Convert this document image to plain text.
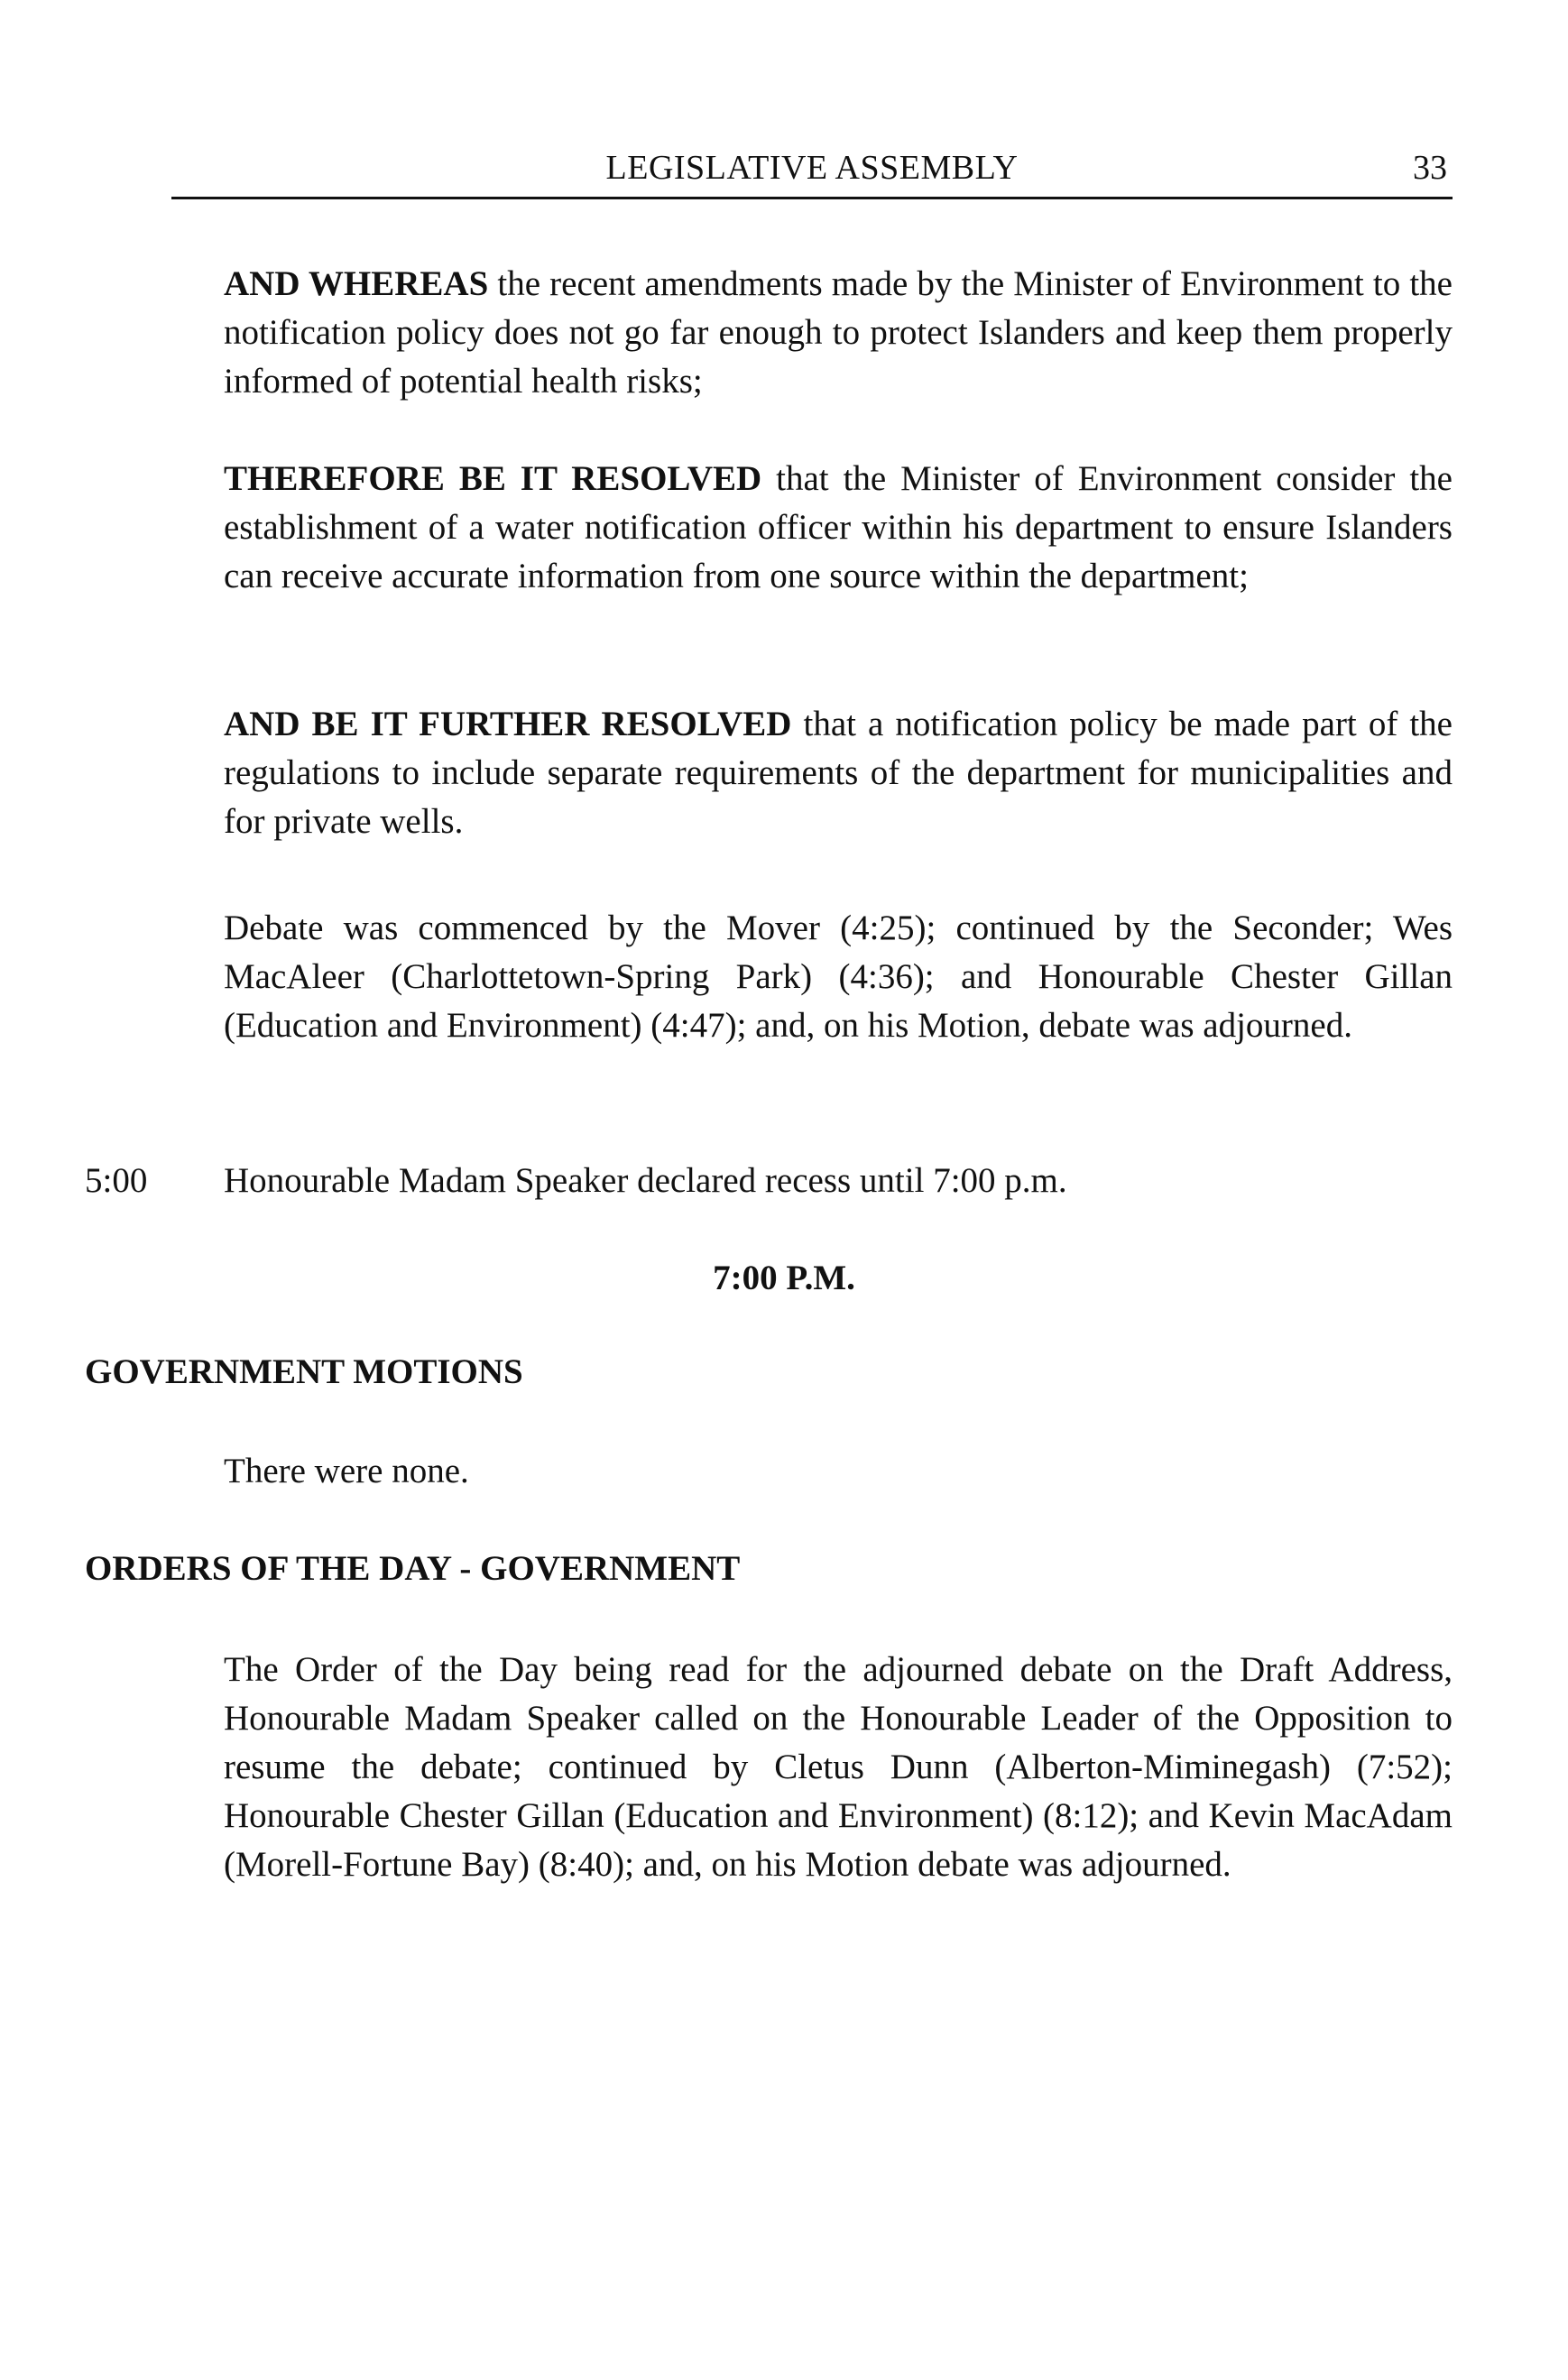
LEGISLATIVE ASSEMBLY	33

AND WHEREAS the recent amendments made by the Minister of Environment to the notification policy does not go far enough to protect Islanders and keep them properly informed of potential health risks;

THEREFORE BE IT RESOLVED that the Minister of Environment consider the establishment of a water notification officer within his department to ensure Islanders can receive accurate information from one source within the department;

AND BE IT FURTHER RESOLVED that a notification policy be made part of the regulations to include separate requirements of the department for municipalities and for private wells.

Debate was commenced by the Mover (4:25); continued by the Seconder; Wes MacAleer (Charlottetown-Spring Park) (4:36); and Honourable Chester Gillan (Education and Environment) (4:47); and, on his Motion, debate was adjourned.

5:00 Honourable Madam Speaker declared recess until 7:00 p.m.

7:00 P.M.
GOVERNMENT MOTIONS

There were none.

ORDERS OF THE DAY - GOVERNMENT

The Order of the Day being read for the adjourned debate on the Draft Address, Honourable Madam Speaker called on the Honourable Leader of the Opposition to resume the debate; continued by Cletus Dunn (Alberton-Miminegash) (7:52); Honourable Chester Gillan (Education and Environment) (8:12); and Kevin MacAdam (Morell-Fortune Bay) (8:40); and, on his Motion debate was adjourned.
